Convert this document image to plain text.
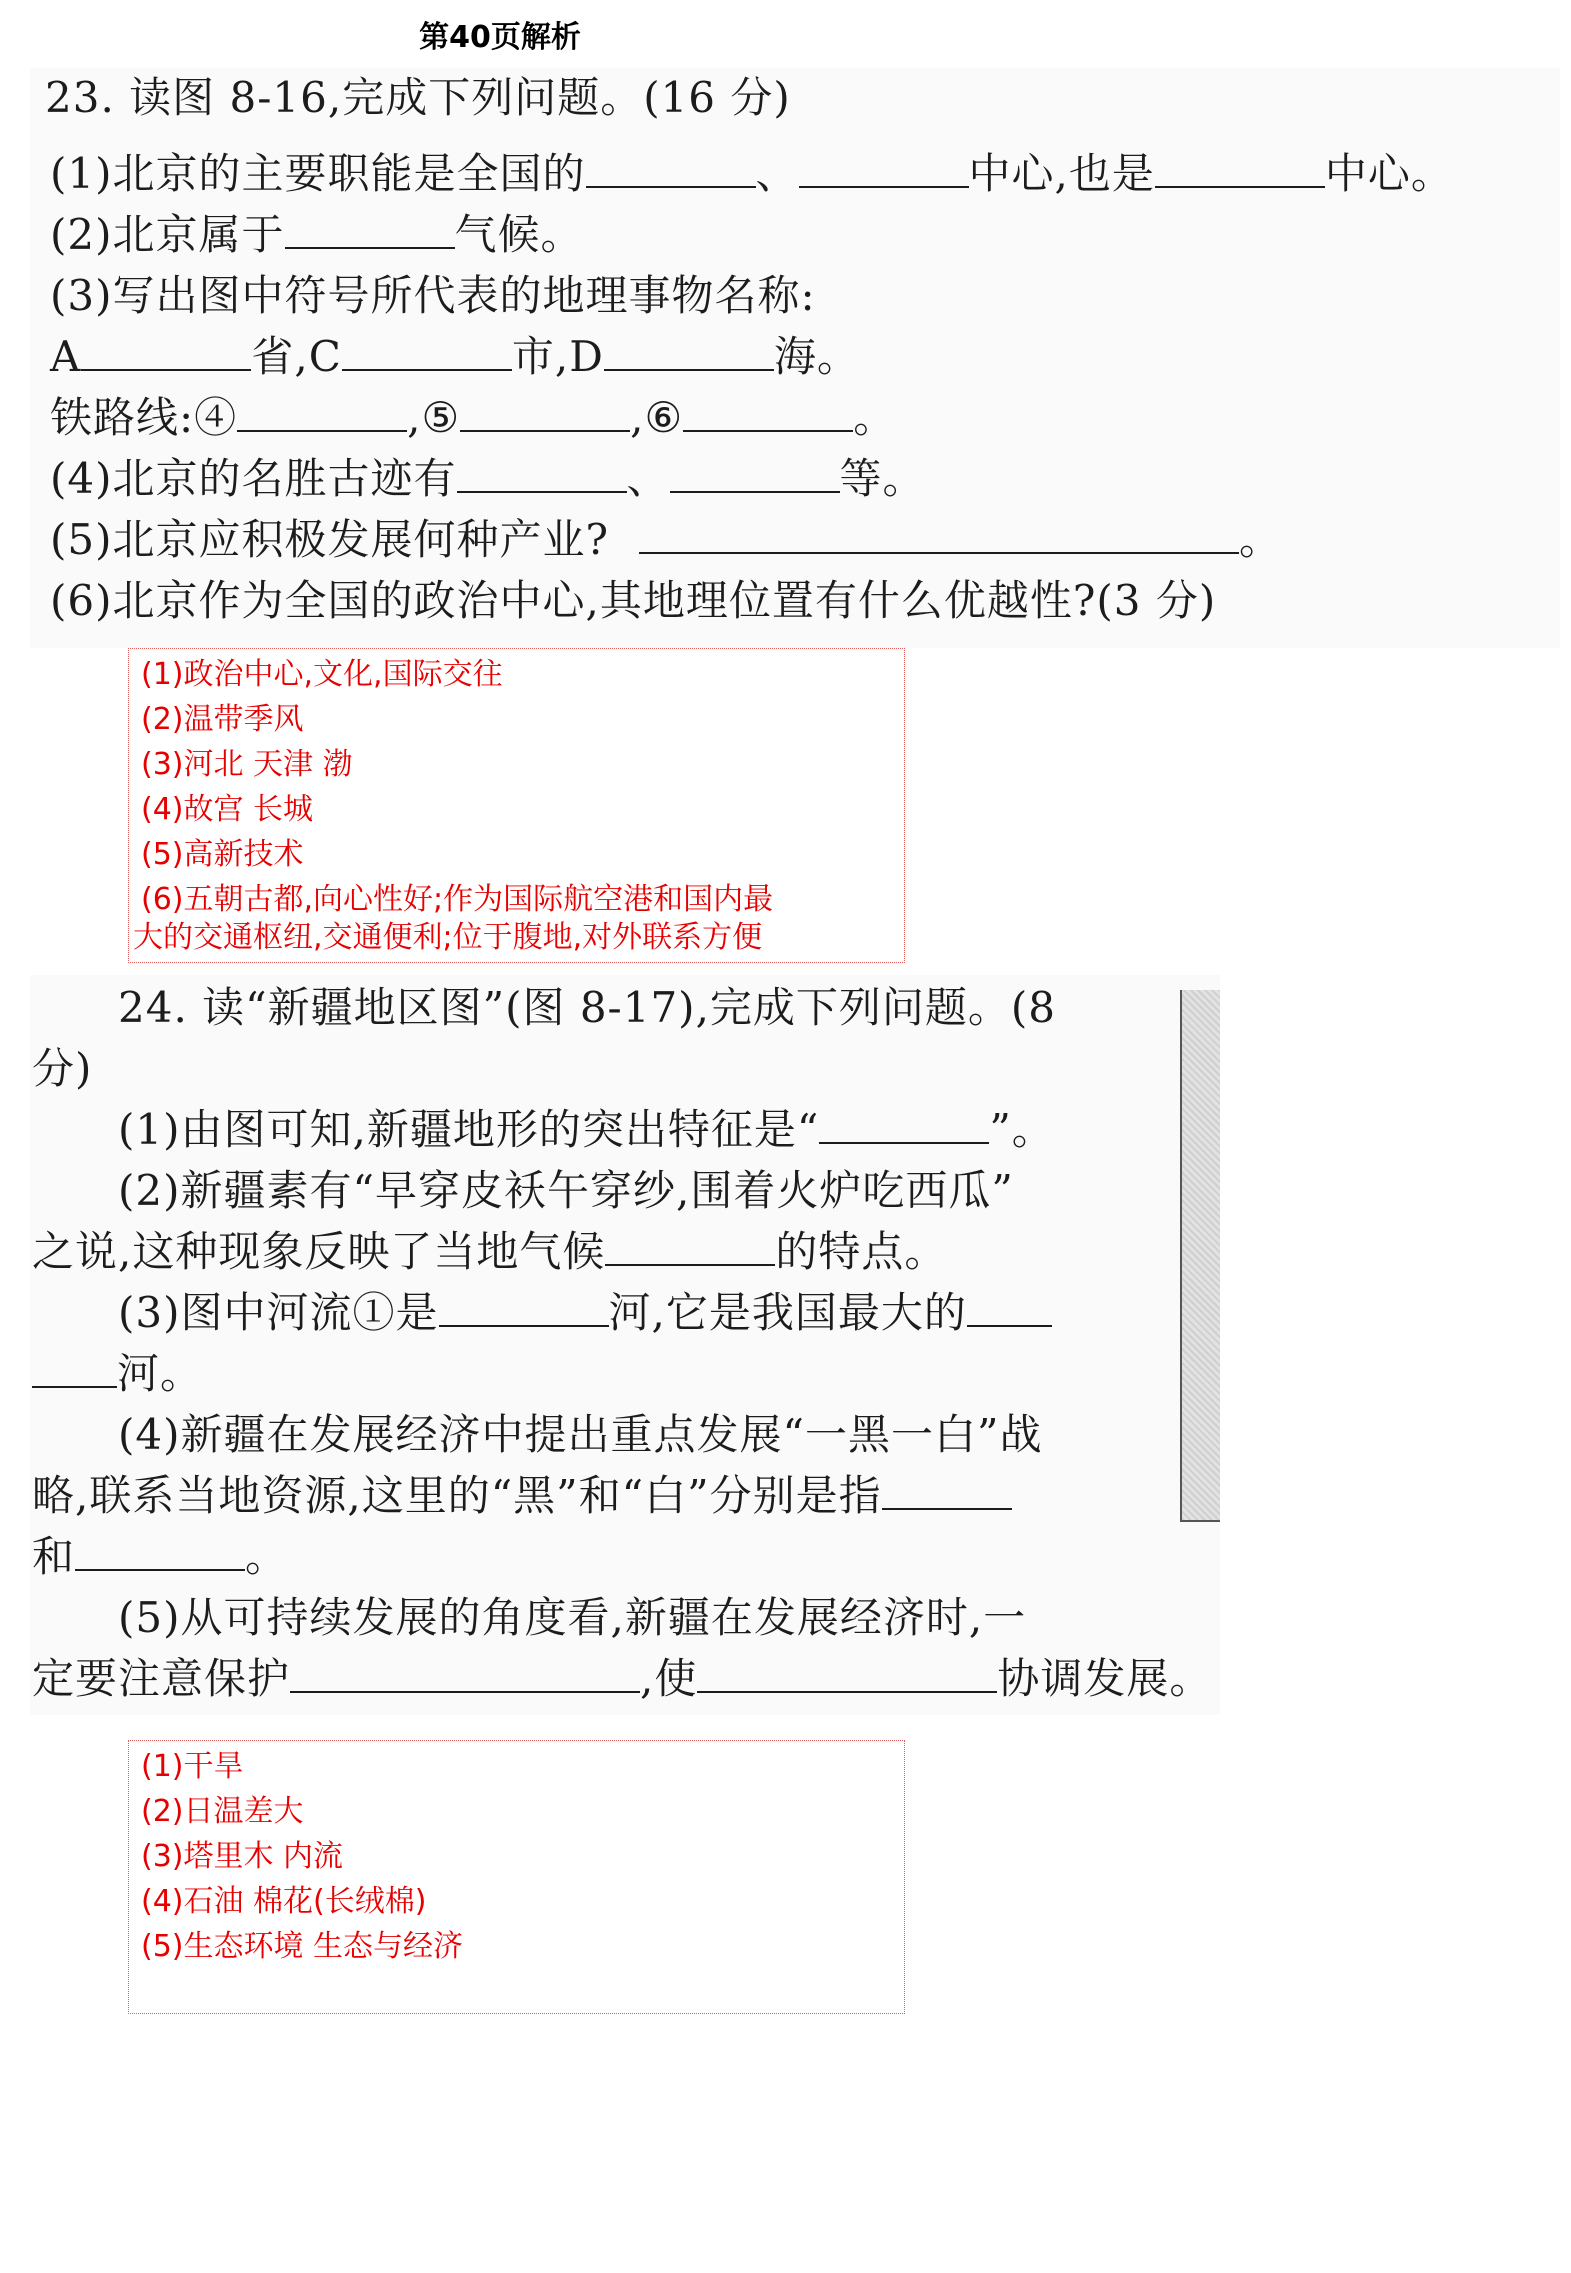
第40页解析
23. 读图 8-16,完成下列问题。(16 分)
(1)北京的主要职能是全国的	、	中心,也是	中心。
(2)北京属于	气候。
(3)写出图中符号所代表的地理事物名称:
A	省,C	市,D	海。
铁路线:④	,⑤	,⑥	。
(4)北京的名胜古迹有	、	等。
(5)北京应积极发展何种产业?	。
(6)北京作为全国的政治中心,其地理位置有什么优越性?(3 分)
(1)政治中心,文化,国际交往
(2)温带季风
(3)河北 天津 渤
(4)故宫 长城
(5)高新技术
(6)五朝古都,向心性好;作为国际航空港和国内最
大的交通枢纽,交通便利;位于腹地,对外联系方便
24. 读“新疆地区图”(图 8-17),完成下列问题。(8
分)
(1)由图可知,新疆地形的突出特征是“	”。
(2)新疆素有“早穿皮袄午穿纱,围着火炉吃西瓜”
之说,这种现象反映了当地气候	的特点。
(3)图中河流①是	河,它是我国最大的
河。
(4)新疆在发展经济中提出重点发展“一黑一白”战
略,联系当地资源,这里的“黑”和“白”分别是指
和	。
(5)从可持续发展的角度看,新疆在发展经济时,一
定要注意保护	,使	协调发展。
(1)干旱
(2)日温差大
(3)塔里木 内流
(4)石油 棉花(长绒棉)
(5)生态环境 生态与经济
